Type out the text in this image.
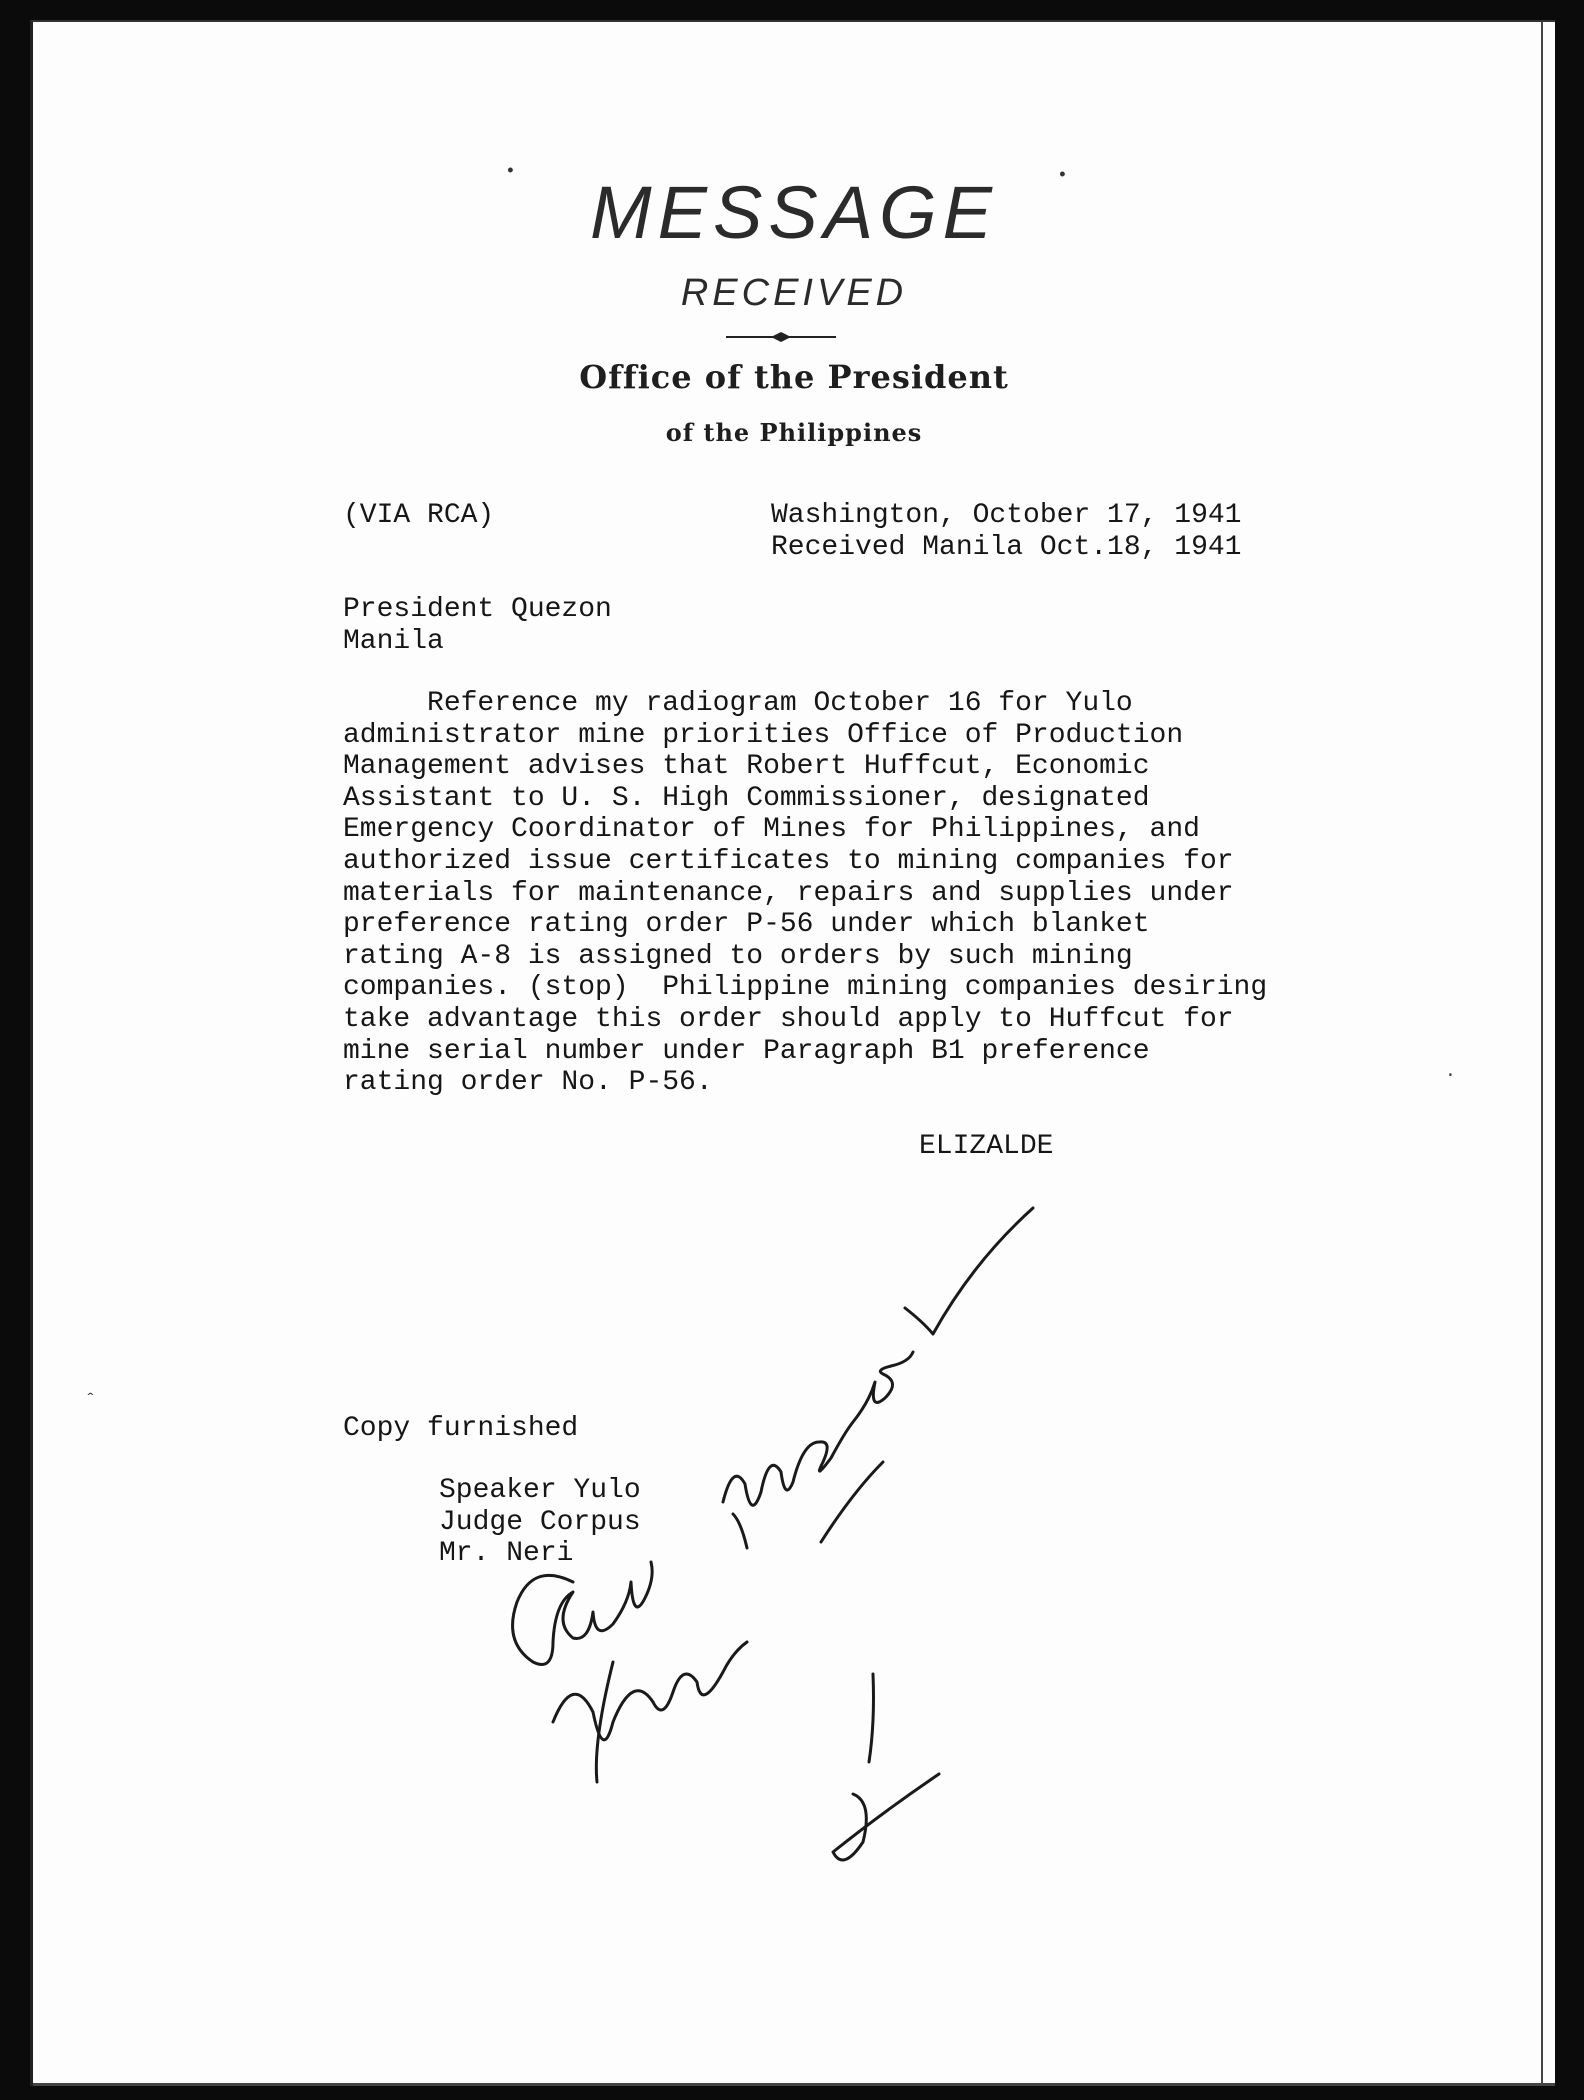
MESSAGE
RECEIVED
Office of the President
of the Philippines
(VIA RCA)	Washington, October 17, 1941
Received Manila Oct.18, 1941
President Quezon
Manila
Reference my radiogram October 16 for Yulo
administrator mine priorities Office of Production
Management advises that Robert Huffcut, Economic
Assistant to U. S. High Commissioner, designated
Emergency Coordinator of Mines for Philippines, and
authorized issue certificates to mining companies for
materials for maintenance, repairs and supplies under
preference rating order P-56 under which blanket
rating A-8 is assigned to orders by such mining
companies. (stop)  Philippine mining companies desiring
take advantage this order should apply to Huffcut for
mine serial number under Paragraph B1 preference
rating order No. P-56.
ELIZALDE
Copy furnished
Speaker Yulo
Judge Corpus
Mr. Neri
•	•
·
ˆ
